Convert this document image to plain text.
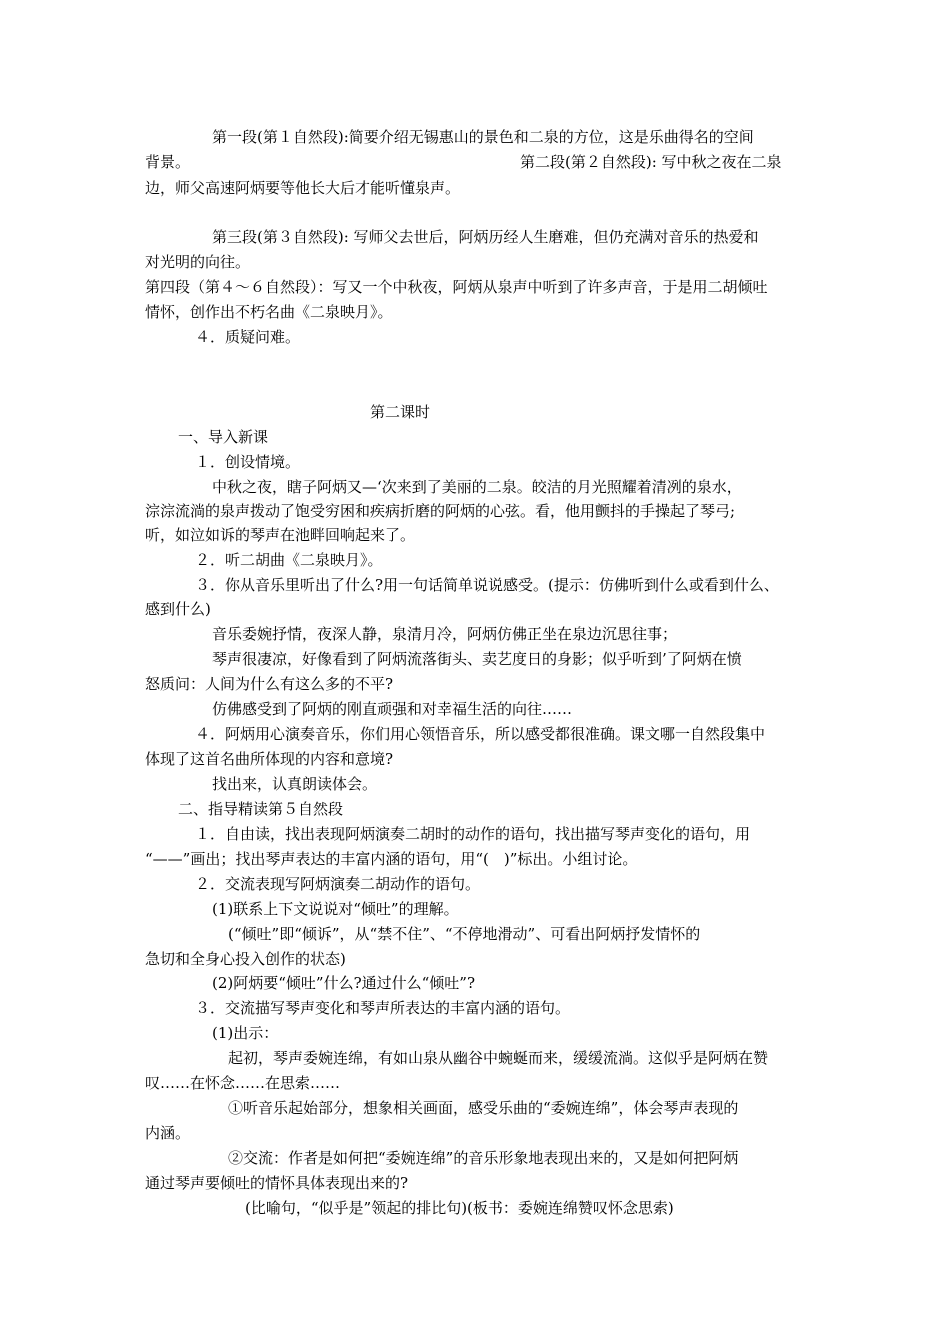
第一段(第１自然段):简要介绍无锡惠山的景色和二泉的方位，这是乐曲得名的空间
背景。	第二段(第２自然段): 写中秋之夜在二泉
边，师父高速阿炳要等他长大后才能听懂泉声。
第三段(第３自然段): 写师父去世后，阿炳历经人生磨难，但仍充满对音乐的热爱和
对光明的向往。
第四段（第４～６自然段）：写又一个中秋夜，阿炳从泉声中听到了许多声音，于是用二胡倾吐
情怀，创作出不朽名曲《二泉映月》。
４．质疑问难。
第二课时
一、导入新课
１．创设情境。
中秋之夜，瞎子阿炳又—‘次来到了美丽的二泉。皎洁的月光照耀着清冽的泉水，
淙淙流淌的泉声拨动了饱受穷困和疾病折磨的阿炳的心弦。看，他用颤抖的手操起了琴弓;
听，如泣如诉的琴声在池畔回响起来了。
２．听二胡曲《二泉映月》。
３．你从音乐里听出了什么?用一句话简单说说感受。(提示：仿佛听到什么或看到什么、
感到什么)
音乐委婉抒情，夜深人静，泉清月冷，阿炳仿佛正坐在泉边沉思往事；
琴声很凄凉，好像看到了阿炳流落街头、卖艺度日的身影；似乎听到’了阿炳在愤
怒质问：人间为什么有这么多的不平?
仿佛感受到了阿炳的刚直顽强和对幸福生活的向往……
４．阿炳用心演奏音乐，你们用心领悟音乐，所以感受都很准确。课文哪一自然段集中
体现了这首名曲所体现的内容和意境?
找出来，认真朗读体会。
二、指导精读第５自然段
１．自由读，找出表现阿炳演奏二胡时的动作的语句，找出描写琴声变化的语句，用
“——”画出；找出琴声表达的丰富内涵的语句，用“(　)”标出。小组讨论。
２．交流表现写阿炳演奏二胡动作的语句。
(1)联系上下文说说对“倾吐”的理解。
(“倾吐”即“倾诉”，从“禁不住”、“不停地滑动”、可看出阿炳抒发情怀的
急切和全身心投入创作的状态)
(2)阿炳要“倾吐”什么?通过什么“倾吐”?
３．交流描写琴声变化和琴声所表达的丰富内涵的语句。
(1)出示：
起初，琴声委婉连绵，有如山泉从幽谷中蜿蜒而来，缓缓流淌。这似乎是阿炳在赞
叹……在怀念……在思索……
①听音乐起始部分，想象相关画面，感受乐曲的“委婉连绵”，体会琴声表现的
内涵。
②交流：作者是如何把“委婉连绵”的音乐形象地表现出来的，又是如何把阿炳
通过琴声要倾吐的情怀具体表现出来的?
(比喻句，“似乎是”领起的排比句)(板书：委婉连绵赞叹怀念思索)
